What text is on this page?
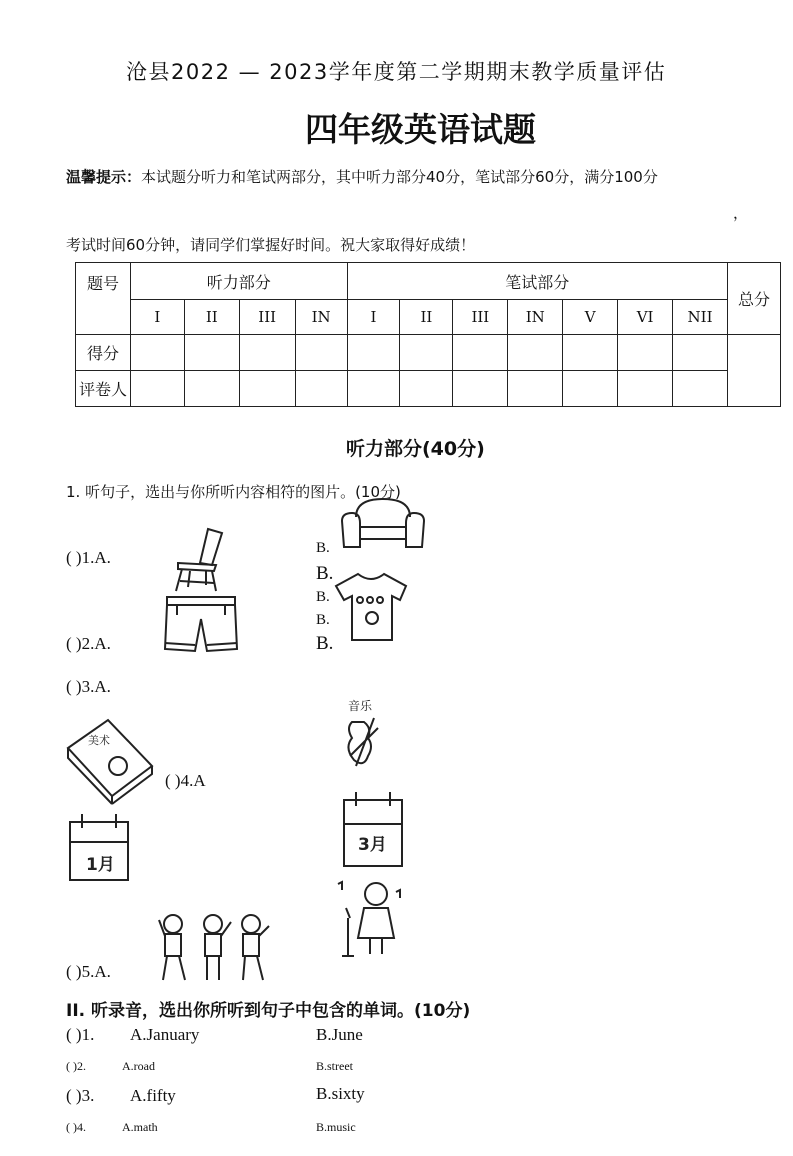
沧县2022 — 2023学年度第二学期期末教学质量评估
四年级英语试题
温馨提示：本试题分听力和笔试两部分，其中听力部分40分，笔试部分60分，满分100分
，
考试时间60分钟，请同学们掌握好时间。祝大家取得好成绩！
题号	听力部分				笔试部分							总分
	I	II	III	IN	I	II	III	IN	V	VI	NII	
得分												
评卷人												
听力部分(40分)
1. 听句子，选出与你所听内容相符的图片。(10分)
( )1.A.
( )2.A.
( )3.A.
( )4.A
( )5.A.
B.
B.
B.
B.
B.
美术
音乐
1月
3月
II. 听录音，选出你所听到句子中包含的单词。(10分)
( )1. A.January	B.June
( )2.	A.road	B.street
( )3. A.fifty	B.sixty
( )4.	A.math	B.music
